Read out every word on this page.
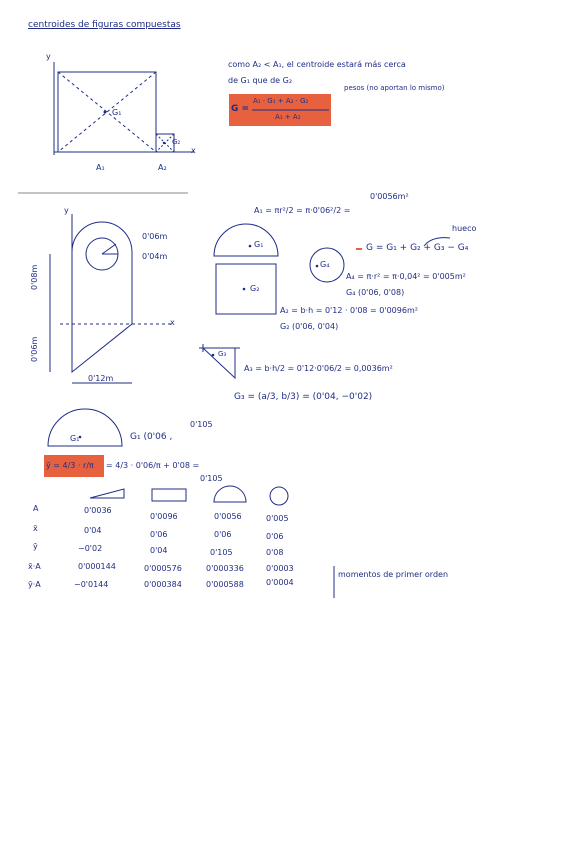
centroides de figuras compuestas
y
x
G₁
G₂
A₁	A₂
como A₂ < A₁, el centroide estará más cerca
de G₁ que de G₂
pesos (no aportan lo mismo)
G =
A₁ · G₁ + A₂ · G₂
A₁ + A₂
y
x
0'06m
0'04m
0'08m
0'06m
0'12m
A₁ = πr²/2 = π·0'06²/2 =
0'0056m²
G₁
G₂
G₃
G₄
hueco
G = G₁ + G₂ + G₃ − G₄
A₄ = π·r² = π·0,04² = 0'005m²
G₄ (0'06, 0'08)
A₂ = b·h = 0'12 · 0'08 = 0'0096m²
G₂ (0'06, 0'04)
A₃ = b·h/2 = 0'12·0'06/2 = 0,0036m²
G₃ = (a/3, b/3) = (0'04, −0'02)
G₁	G₁ (0'06 ,
0'105
ȳ = 4/3 · r/π = 4/3 · 0'06/π + 0'08 =
0'105
A
x̄
ȳ
x̄·A
ȳ·A
0'0036
0'04
−0'02
0'000144
−0'0144
0'0096
0'06
0'04
0'000576
0'000384
0'0056
0'06
0'105
0'000336
0'000588
0'005
0'06
0'08
0'0003
0'0004
momentos de primer orden
